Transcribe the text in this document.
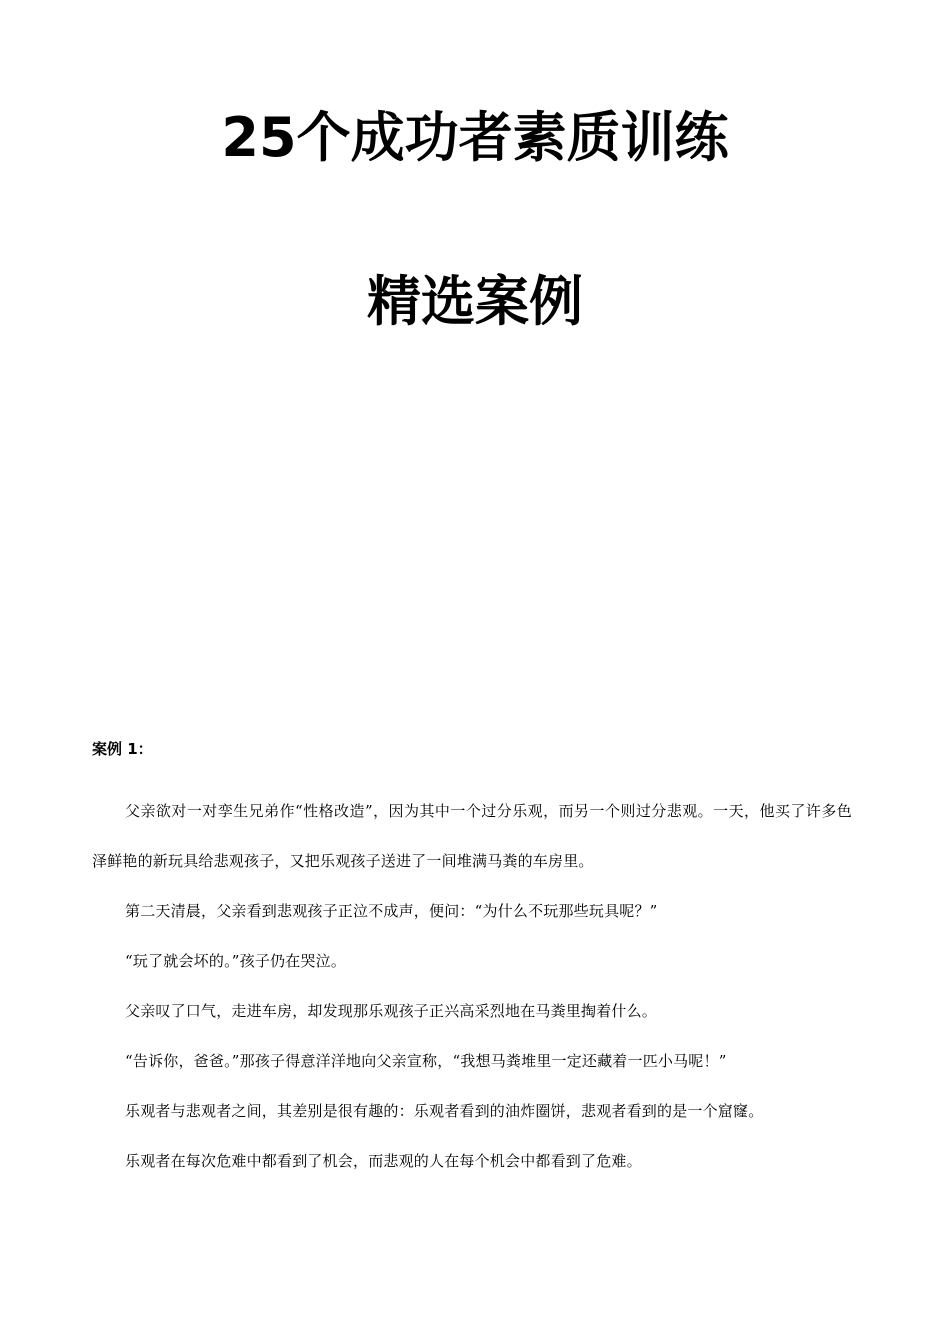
25个成功者素质训练
精选案例
案例 1：

父亲欲对一对孪生兄弟作“性格改造”，因为其中一个过分乐观，而另一个则过分悲观。一天，他买了许多色泽鲜艳的新玩具给悲观孩子，又把乐观孩子送进了一间堆满马粪的车房里。

第二天清晨，父亲看到悲观孩子正泣不成声，便问：“为什么不玩那些玩具呢？”

“玩了就会坏的。”孩子仍在哭泣。

父亲叹了口气，走进车房，却发现那乐观孩子正兴高采烈地在马粪里掏着什么。

“告诉你，爸爸。”那孩子得意洋洋地向父亲宣称，“我想马粪堆里一定还藏着一匹小马呢！”

乐观者与悲观者之间，其差别是很有趣的：乐观者看到的油炸圈饼，悲观者看到的是一个窟窿。

乐观者在每次危难中都看到了机会，而悲观的人在每个机会中都看到了危难。
